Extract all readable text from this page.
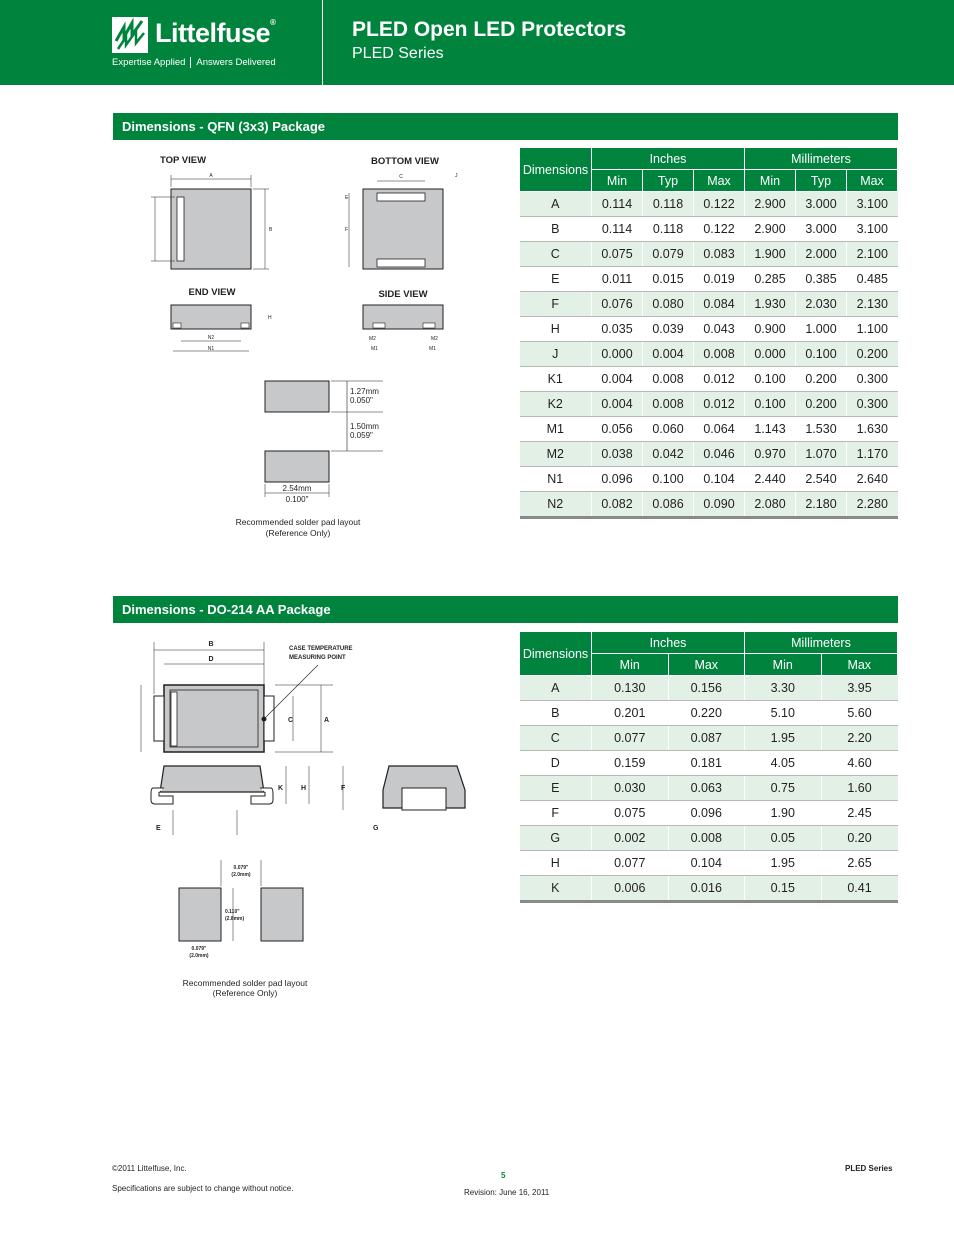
Littelfuse®
Expertise Applied Answers Delivered
PLED Open LED Protectors
PLED Series
Dimensions - QFN (3x3) Package
TOP VIEW	BOTTOM VIEW
END VIEW	SIDE VIEW
A
B
C	J
E
F
N2
N1
H
M2	M2
M1	M1
1.27mm
0.050"
1.50mm
0.059"
2.54mm
0.100"
Recommended solder pad layout
(Reference Only)
Dimensions	Inches			Millimeters		
	Min	Typ	Max	Min	Typ	Max
A	0.114	0.118	0.122	2.900	3.000	3.100
B	0.114	0.118	0.122	2.900	3.000	3.100
C	0.075	0.079	0.083	1.900	2.000	2.100
E	0.011	0.015	0.019	0.285	0.385	0.485
F	0.076	0.080	0.084	1.930	2.030	2.130
H	0.035	0.039	0.043	0.900	1.000	1.100
J	0.000	0.004	0.008	0.000	0.100	0.200
K1	0.004	0.008	0.012	0.100	0.200	0.300
K2	0.004	0.008	0.012	0.100	0.200	0.300
M1	0.056	0.060	0.064	1.143	1.530	1.630
M2	0.038	0.042	0.046	0.970	1.070	1.170
N1	0.096	0.100	0.104	2.440	2.540	2.640
N2	0.082	0.086	0.090	2.080	2.180	2.280
Dimensions - DO-214 AA Package
CASE TEMPERATURE
MEASURING POINT
B
D
A
C
K	H
E
F
G
0.079"
(2.0mm)
0.110"
(2.8mm)
0.079"
(2.0mm)
Recommended solder pad layout
(Reference Only)
Dimensions	Inches		Millimeters	
	Min	Max	Min	Max
A	0.130	0.156	3.30	3.95
B	0.201	0.220	5.10	5.60
C	0.077	0.087	1.95	2.20
D	0.159	0.181	4.05	4.60
E	0.030	0.063	0.75	1.60
F	0.075	0.096	1.90	2.45
G	0.002	0.008	0.05	0.20
H	0.077	0.104	1.95	2.65
K	0.006	0.016	0.15	0.41
©2011 Littelfuse, Inc.
Specifications are subject to change without notice.
5
Revision: June 16, 2011
PLED Series
